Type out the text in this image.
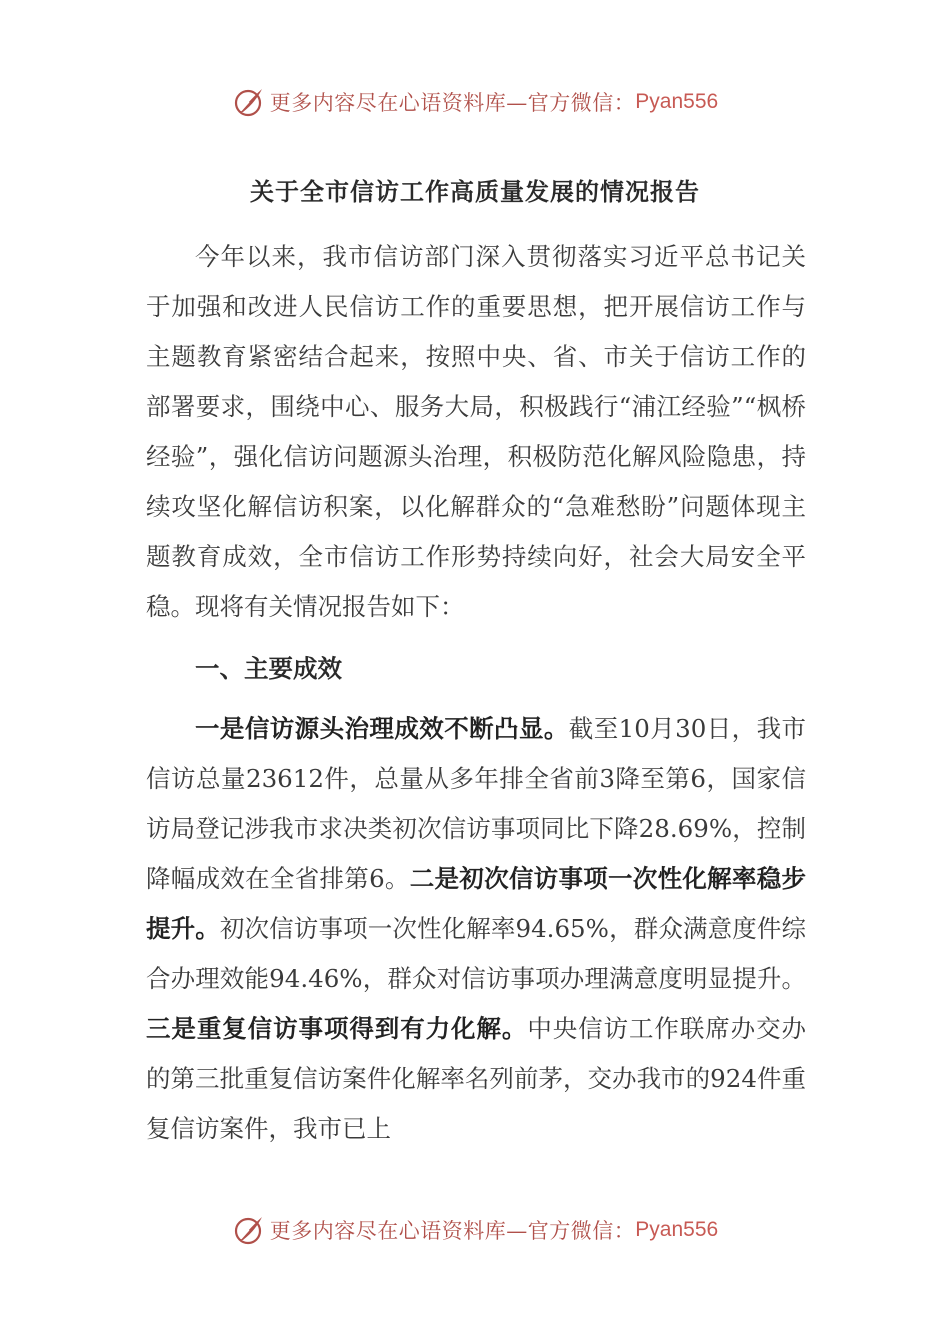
更多内容尽在心语资料库—官方微信： Pyan556
关于全市信访工作高质量发展的情况报告

今年以来，我市信访部门深入贯彻落实习近平总书记关于加强和改进人民信访工作的重要思想，把开展信访工作与主题教育紧密结合起来，按照中央、省、市关于信访工作的部署要求，围绕中心、服务大局，积极践行“浦江经验”“枫桥经验”，强化信访问题源头治理，积极防范化解风险隐患，持续攻坚化解信访积案，以化解群众的“急难愁盼”问题体现主题教育成效，全市信访工作形势持续向好，社会大局安全平稳。现将有关情况报告如下：

一、主要成效

一是信访源头治理成效不断凸显。截至10月30日，我市信访总量23612件，总量从多年排全省前3降至第6，国家信访局登记涉我市求决类初次信访事项同比下降28.69%，控制降幅成效在全省排第6。二是初次信访事项一次性化解率稳步提升。初次信访事项一次性化解率94.65%，群众满意度件综合办理效能94.46%，群众对信访事项办理满意度明显提升。三是重复信访事项得到有力化解。中央信访工作联席办交办的第三批重复信访案件化解率名列前茅，交办我市的924件重复信访案件，我市已上

更多内容尽在心语资料库—官方微信： Pyan556
